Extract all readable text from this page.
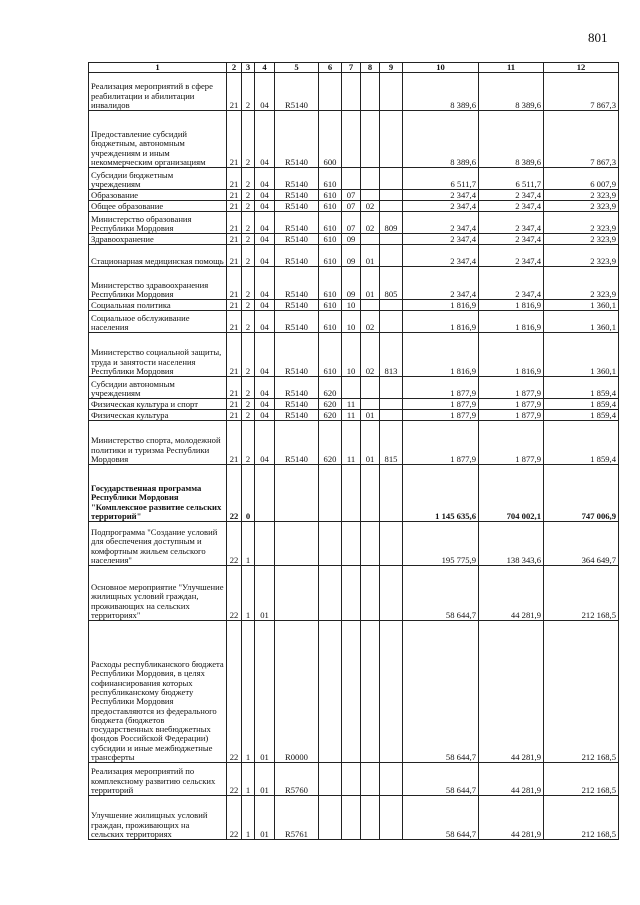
801
1	2	3	4	5	6	7	8	9	10	11	12
Реализация мероприятий в сфере реабилитации и абилитации инвалидов	21	2	04	R5140					8 389,6	8 389,6	7 867,3
Предоставление субсидий бюджетным, автономным учреждениям и иным некоммерческим организациям	21	2	04	R5140	600				8 389,6	8 389,6	7 867,3
Субсидии бюджетным учреждениям	21	2	04	R5140	610				6 511,7	6 511,7	6 007,9
Образование	21	2	04	R5140	610	07			2 347,4	2 347,4	2 323,9
Общее образование	21	2	04	R5140	610	07	02		2 347,4	2 347,4	2 323,9
Министерство образования Республики Мордовия	21	2	04	R5140	610	07	02	809	2 347,4	2 347,4	2 323,9
Здравоохранение	21	2	04	R5140	610	09			2 347,4	2 347,4	2 323,9
Стационарная медицинская помощь	21	2	04	R5140	610	09	01		2 347,4	2 347,4	2 323,9
Министерство здравоохранения Республики Мордовия	21	2	04	R5140	610	09	01	805	2 347,4	2 347,4	2 323,9
Социальная политика	21	2	04	R5140	610	10			1 816,9	1 816,9	1 360,1
Социальное обслуживание населения	21	2	04	R5140	610	10	02		1 816,9	1 816,9	1 360,1
Министерство социальной защиты, труда и занятости населения Республики Мордовия	21	2	04	R5140	610	10	02	813	1 816,9	1 816,9	1 360,1
Субсидии автономным учреждениям	21	2	04	R5140	620				1 877,9	1 877,9	1 859,4
Физическая культура и спорт	21	2	04	R5140	620	11			1 877,9	1 877,9	1 859,4
Физическая культура	21	2	04	R5140	620	11	01		1 877,9	1 877,9	1 859,4
Министерство спорта, молодежной политики и туризма Республики Мордовия	21	2	04	R5140	620	11	01	815	1 877,9	1 877,9	1 859,4
Государственная программа Республики Мордовия "Комплексное развитие сельских территорий"	22	0							1 145 635,6	704 002,1	747 006,9
Подпрограмма "Создание условий для обеспечения доступным и комфортным жильем сельского населения"	22	1							195 775,9	138 343,6	364 649,7
Основное мероприятие "Улучшение жилищных условий граждан, проживающих на сельских территориях"	22	1	01						58 644,7	44 281,9	212 168,5
Расходы республиканского бюджета Республики Мордовия, в целях софинансирования которых республиканскому бюджету Республики Мордовия предоставляются из федерального бюджета (бюджетов государственных внебюджетных фондов Российской Федерации) субсидии и иные межбюджетные трансферты	22	1	01	R0000					58 644,7	44 281,9	212 168,5
Реализация мероприятий по комплексному развитию сельских территорий	22	1	01	R5760					58 644,7	44 281,9	212 168,5
Улучшение жилищных условий граждан, проживающих на сельских территориях	22	1	01	R5761					58 644,7	44 281,9	212 168,5
